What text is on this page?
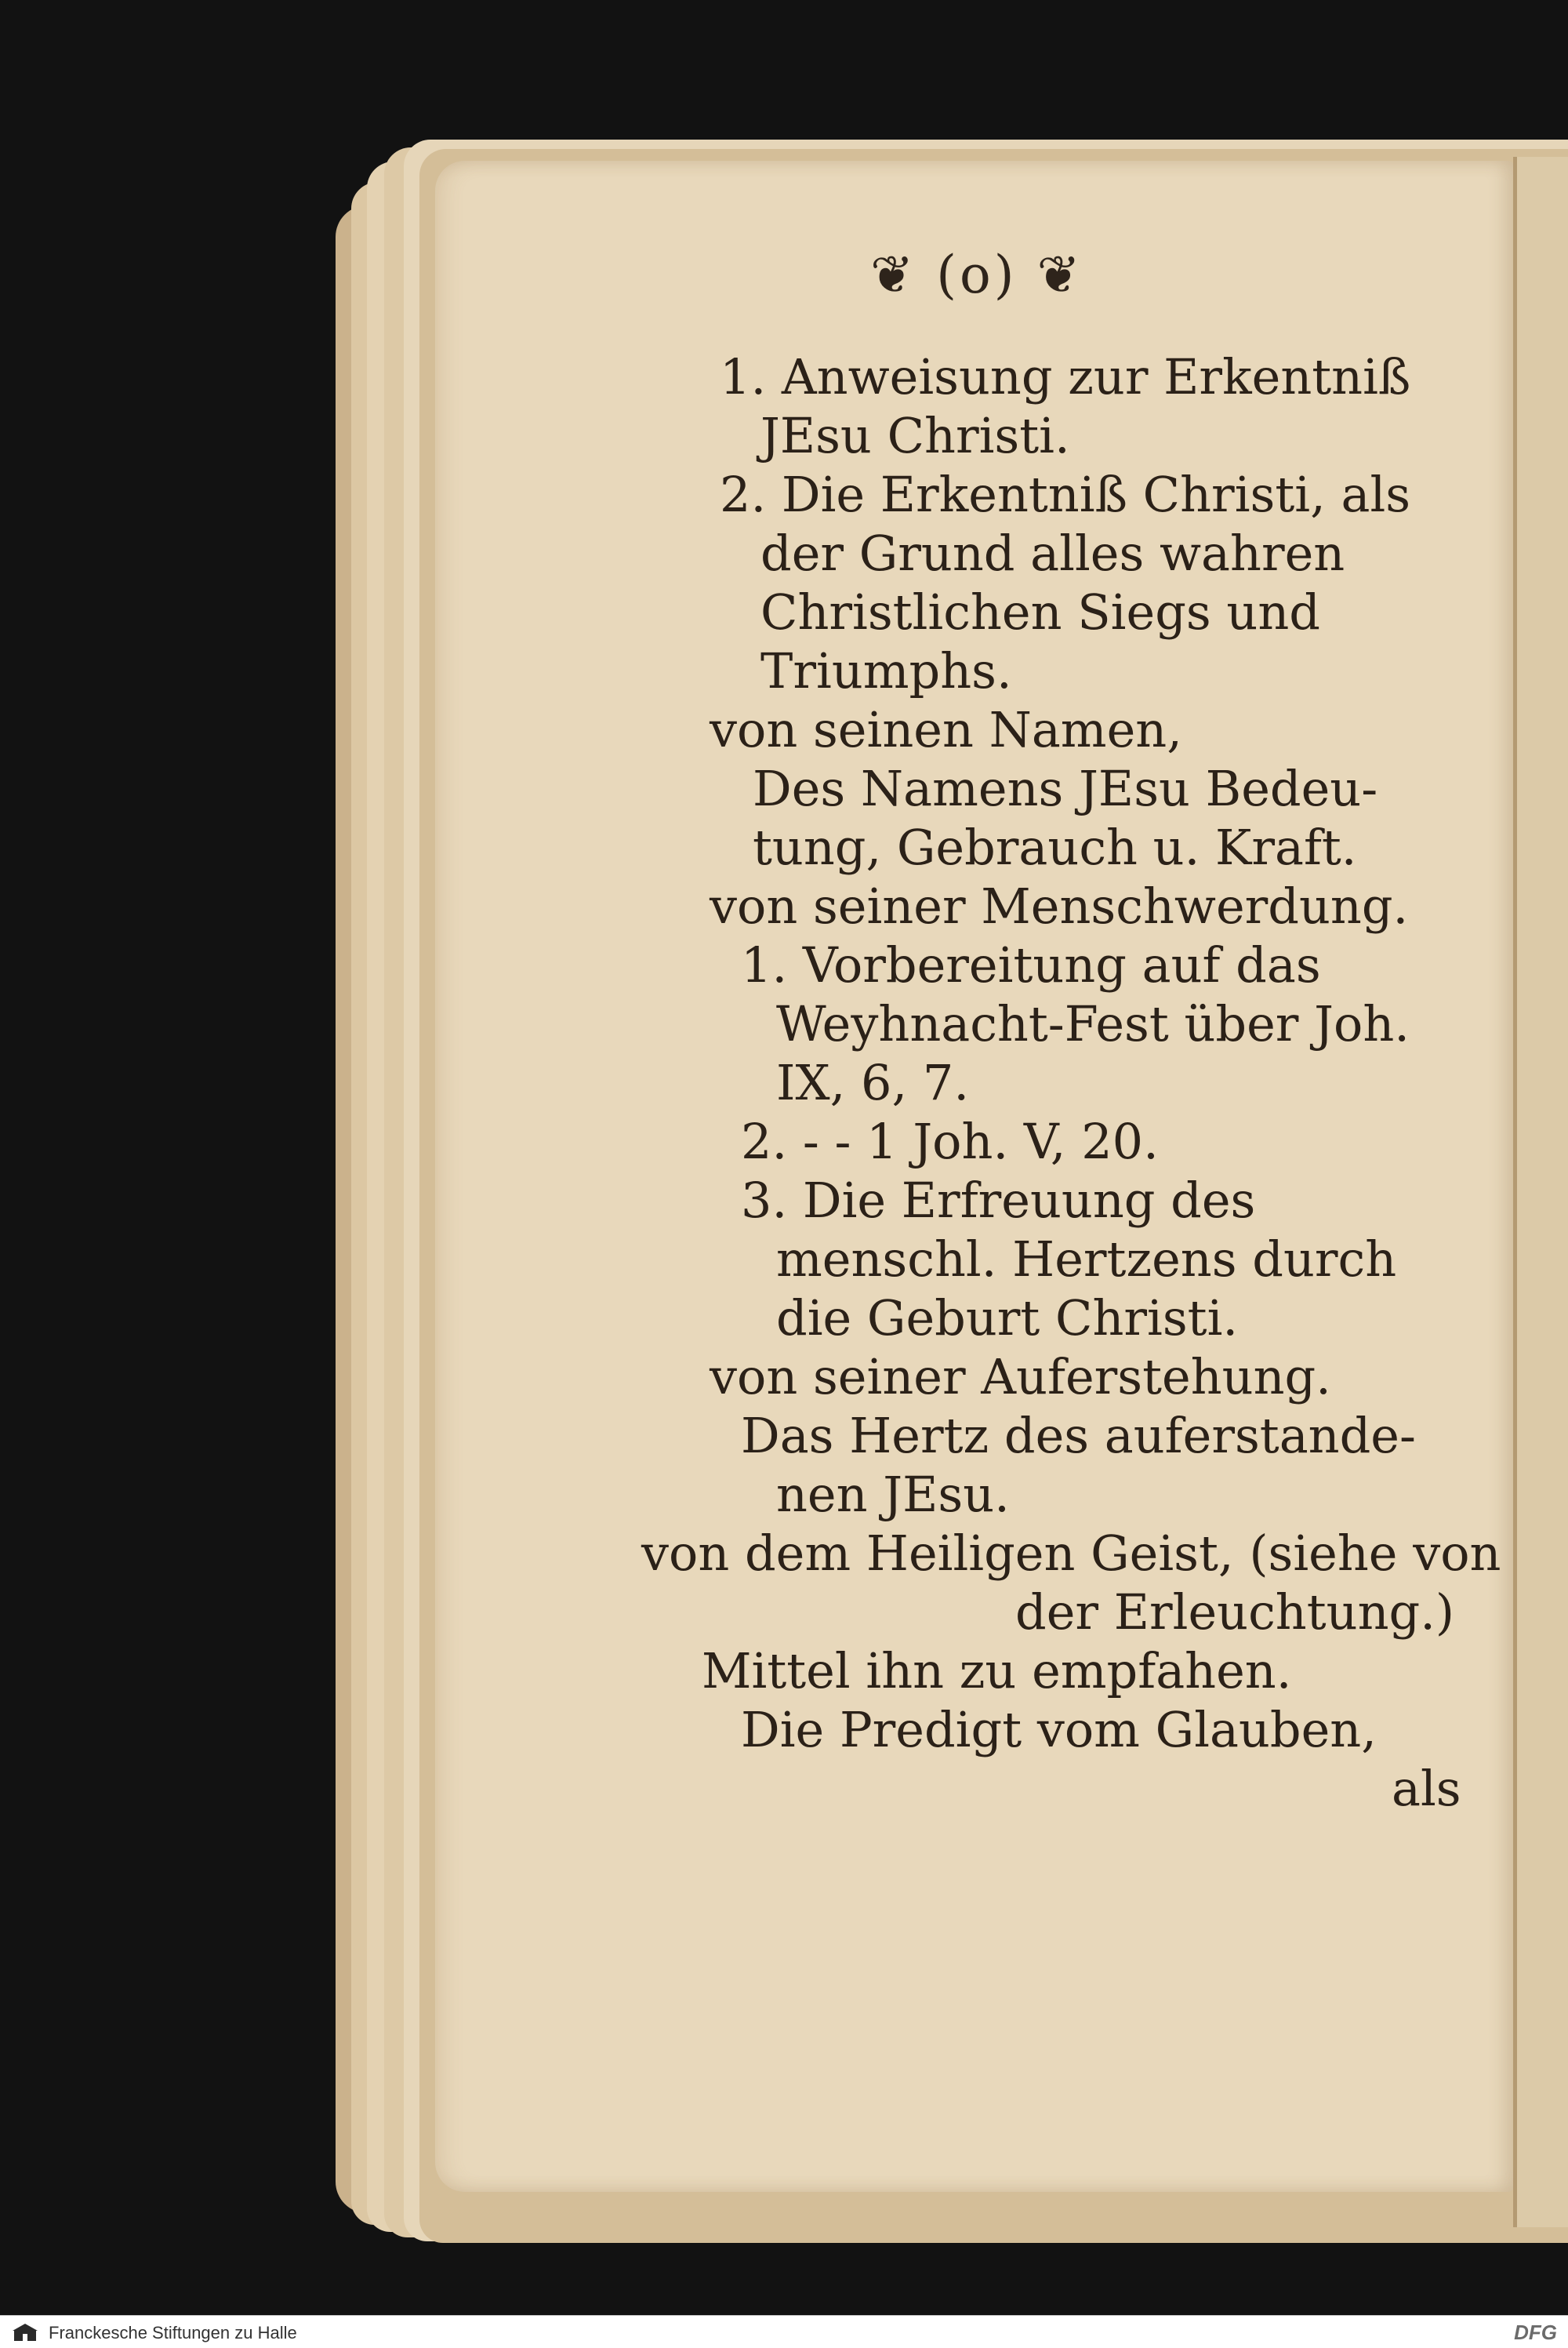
❦ (o) ❦
1. Anweisung zur Erkentniß
JEsu Christi.
2. Die Erkentniß Christi, als
der Grund alles wahren
Christlichen Siegs und
Triumphs.
von seinen Namen,
Des Namens JEsu Bedeu-
tung, Gebrauch u. Kraft.
von seiner Menschwerdung.
1. Vorbereitung auf das
Weyhnacht-Fest über Joh.
IX, 6, 7.
2. - - 1 Joh. V, 20.
3. Die Erfreuung des
menschl. Hertzens durch
die Geburt Christi.
von seiner Auferstehung.
Das Hertz des auferstande-
nen JEsu.
von dem Heiligen Geist, (siehe von
der Erleuchtung.)
Mittel ihn zu empfahen.
Die Predigt vom Glauben,
als
Franckesche Stiftungen zu Halle	DFG
